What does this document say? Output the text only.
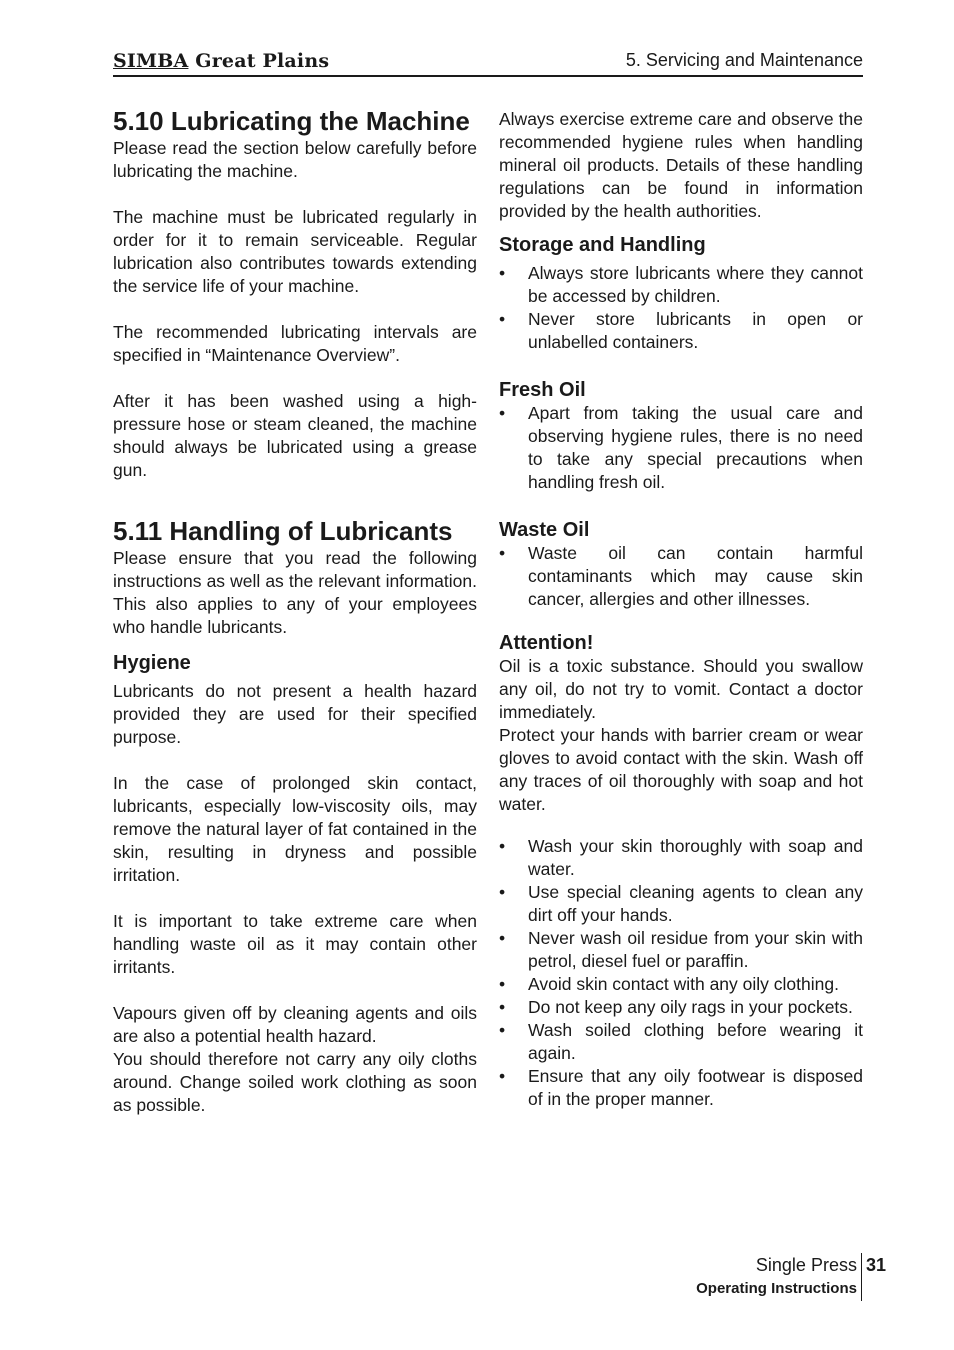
SIMBA Great Plains	5. Servicing and Maintenance
5.10 Lubricating the Machine

Please read the section below carefully before lubricating the machine.

The machine must be lubricated regularly in order for it to remain serviceable. Regular lubrication also contributes towards extending the service life of your machine.

The recommended lubricating intervals are specified in “Maintenance Overview”.

After it has been washed using a high-pressure hose or steam cleaned, the machine should always be lubricated using a grease gun.

5.11 Handling of Lubricants

Please ensure that you read the following instructions as well as the relevant information. This also applies to any of your employees who handle lubricants.

Hygiene

Lubricants do not present a health hazard provided they are used for their specified purpose.

In the case of prolonged skin contact, lubricants, especially low-viscosity oils, may remove the natural layer of fat contained in the skin, resulting in dryness and possible irritation.

It is important to take extreme care when handling waste oil as it may contain other irritants.

Vapours given off by cleaning agents and oils are also a potential health hazard.

You should therefore not carry any oily cloths around. Change soiled work clothing as soon as possible.

Always exercise extreme care and observe the recommended hygiene rules when handling mineral oil products. Details of these handling regulations can be found in information provided by the health authorities.

Storage and Handling
• Always store lubricants where they cannot be accessed by children.
• Never store lubricants in open or unlabelled containers.
Fresh Oil
• Apart from taking the usual care and observing hygiene rules, there is no need to take any special precautions when handling fresh oil.
Waste Oil
• Waste oil can contain harmful contaminants which may cause skin cancer, allergies and other illnesses.
Attention!

Oil is a toxic substance. Should you swallow any oil, do not try to vomit. Contact a doctor immediately.

Protect your hands with barrier cream or wear gloves to avoid contact with the skin. Wash off any traces of oil thoroughly with soap and hot water.

• Wash your skin thoroughly with soap and water.
• Use special cleaning agents to clean any dirt off your hands.
• Never wash oil residue from your skin with petrol, diesel fuel or paraffin.
• Avoid skin contact with any oily clothing.
• Do not keep any oily rags in your pockets.
• Wash soiled clothing before wearing it again.
• Ensure that any oily footwear is disposed of in the proper manner.
Single Press
Operating Instructions
31
